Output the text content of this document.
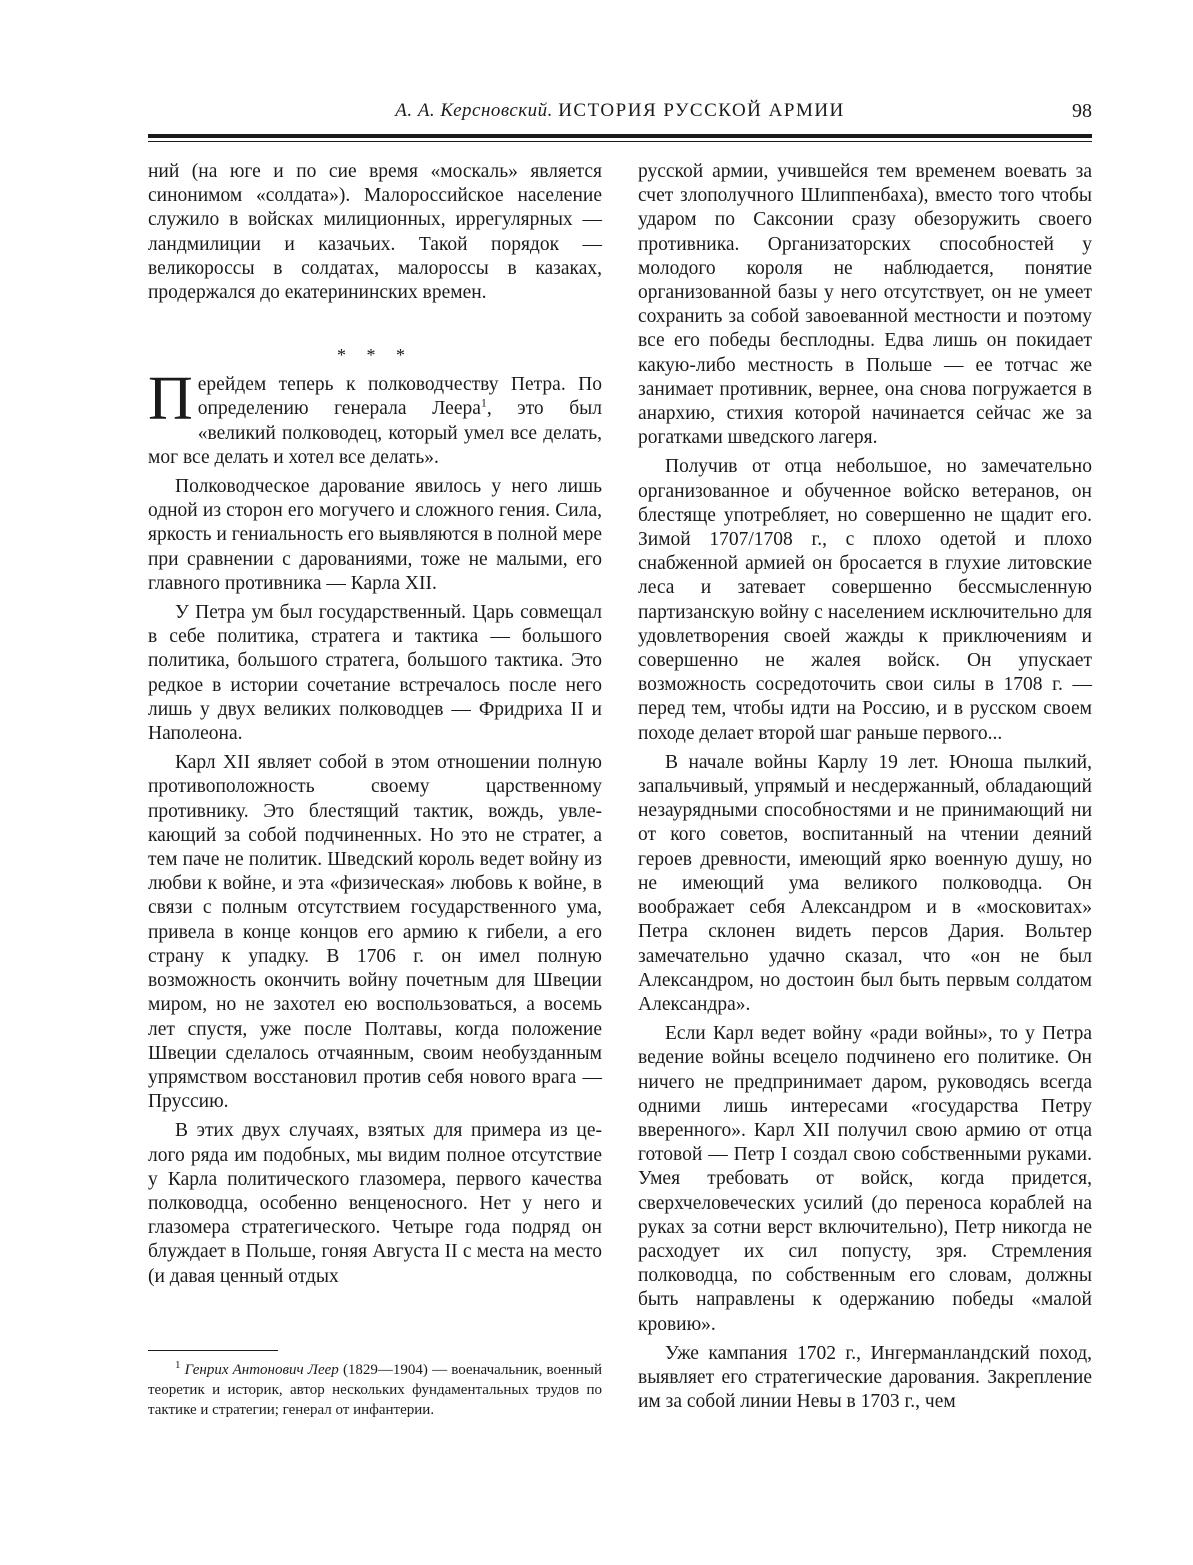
А. А. Керсновский. ИСТОРИЯ РУССКОЙ АРМИИ	98

ний (на юге и по сие время «москаль» является синонимом «солдата»). Малороссийское население служило в войсках милиционных, иррегулярных — ландмилиции и казачьих. Такой порядок — великороссы в солдатах, малороссы в казаках, продержался до екатерининских времен.

* * *

Перейдем теперь к полководчеству Петра. По определению генерала Леера$^1$, это был «великий полководец, который умел все делать, мог все делать и хотел все делать».

Полководческое дарование явилось у него лишь одной из сторон его могучего и сложного гения. Сила, яркость и гениальность его выявляются в полной мере при сравнении с дарованиями, тоже не малыми, его главного противника — Карла XII.

У Петра ум был государственный. Царь совмещал в себе политика, стратега и тактика — большого политика, большого стратега, большого тактика. Это редкое в истории сочетание встречалось после него лишь у двух великих полководцев — Фридриха II и Наполеона.

Карл XII являет собой в этом отношении полную противоположность своему царственному противнику. Это блестящий тактик, вождь, увлекающий за собой подчиненных. Но это не стратег, а тем паче не политик. Шведский король ведет войну из любви к войне, и эта «физическая» любовь к войне, в связи с полным отсутствием государственного ума, привела в конце концов его армию к гибели, а его страну к упадку. В 1706 г. он имел полную возможность окончить войну почетным для Швеции миром, но не захотел ею воспользоваться, а восемь лет спустя, уже после Полтавы, когда положение Швеции сделалось отчаянным, своим необузданным упрямством восстановил против себя нового врага — Пруссию.

В этих двух случаях, взятых для примера из целого ряда им подобных, мы видим полное отсутствие у Карла политического глазомера, первого качества полководца, особенно венценосного. Нет у него и глазомера стратегического. Четыре года подряд он блуждает в Польше, гоняя Августа II с места на место (и давая ценный отдых

русской армии, учившейся тем временем воевать за счет злополучного Шлиппенбаха), вместо того чтобы ударом по Саксонии сразу обезоружить своего противника. Организаторских способностей у молодого короля не наблюдается, понятие организованной базы у него отсутствует, он не умеет сохранить за собой завоеванной местности и поэтому все его победы бесплодны. Едва лишь он покидает какую-либо местность в Польше — ее тотчас же занимает противник, вернее, она снова погружается в анархию, стихия которой начинается сейчас же за рогатками шведского лагеря.

Получив от отца небольшое, но замечательно организованное и обученное войско ветеранов, он блестяще употребляет, но совершенно не щадит его. Зимой 1707/1708 г., с плохо одетой и плохо снабженной армией он бросается в глухие литовские леса и затевает совершенно бессмысленную партизанскую войну с населением исключительно для удовлетворения своей жажды к приключениям и совершенно не жалея войск. Он упускает возможность сосредоточить свои силы в 1708 г. — перед тем, чтобы идти на Россию, и в русском своем походе делает второй шаг раньше первого...

В начале войны Карлу 19 лет. Юноша пылкий, запальчивый, упрямый и несдержанный, обладающий незаурядными способностями и не принимающий ни от кого советов, воспитанный на чтении деяний героев древности, имеющий ярко военную душу, но не имеющий ума великого полководца. Он воображает себя Александром и в «московитах» Петра склонен видеть персов Дария. Вольтер замечательно удачно сказал, что «он не был Александром, но достоин был быть первым солдатом Александра».

Если Карл ведет войну «ради войны», то у Петра ведение войны всецело подчинено его политике. Он ничего не предпринимает даром, руководясь всегда одними лишь интересами «государства Петру вверенного». Карл XII получил свою армию от отца готовой — Петр I создал свою собственными руками. Умея требовать от войск, когда придется, сверхчеловеческих усилий (до переноса кораблей на руках за сотни верст включительно), Петр никогда не расходует их сил попусту, зря. Стремления полководца, по собственным его словам, должны быть направлены к одержанию победы «малой кровию».

Уже кампания 1702 г., Ингерманландский поход, выявляет его стратегические дарования. Закрепление им за собой линии Невы в 1703 г., чем

$^1$ Генрих Антонович Леер (1829—1904) — военачальник, военный теоретик и историк, автор нескольких фундаментальных трудов по тактике и стратегии; генерал от инфантерии.
